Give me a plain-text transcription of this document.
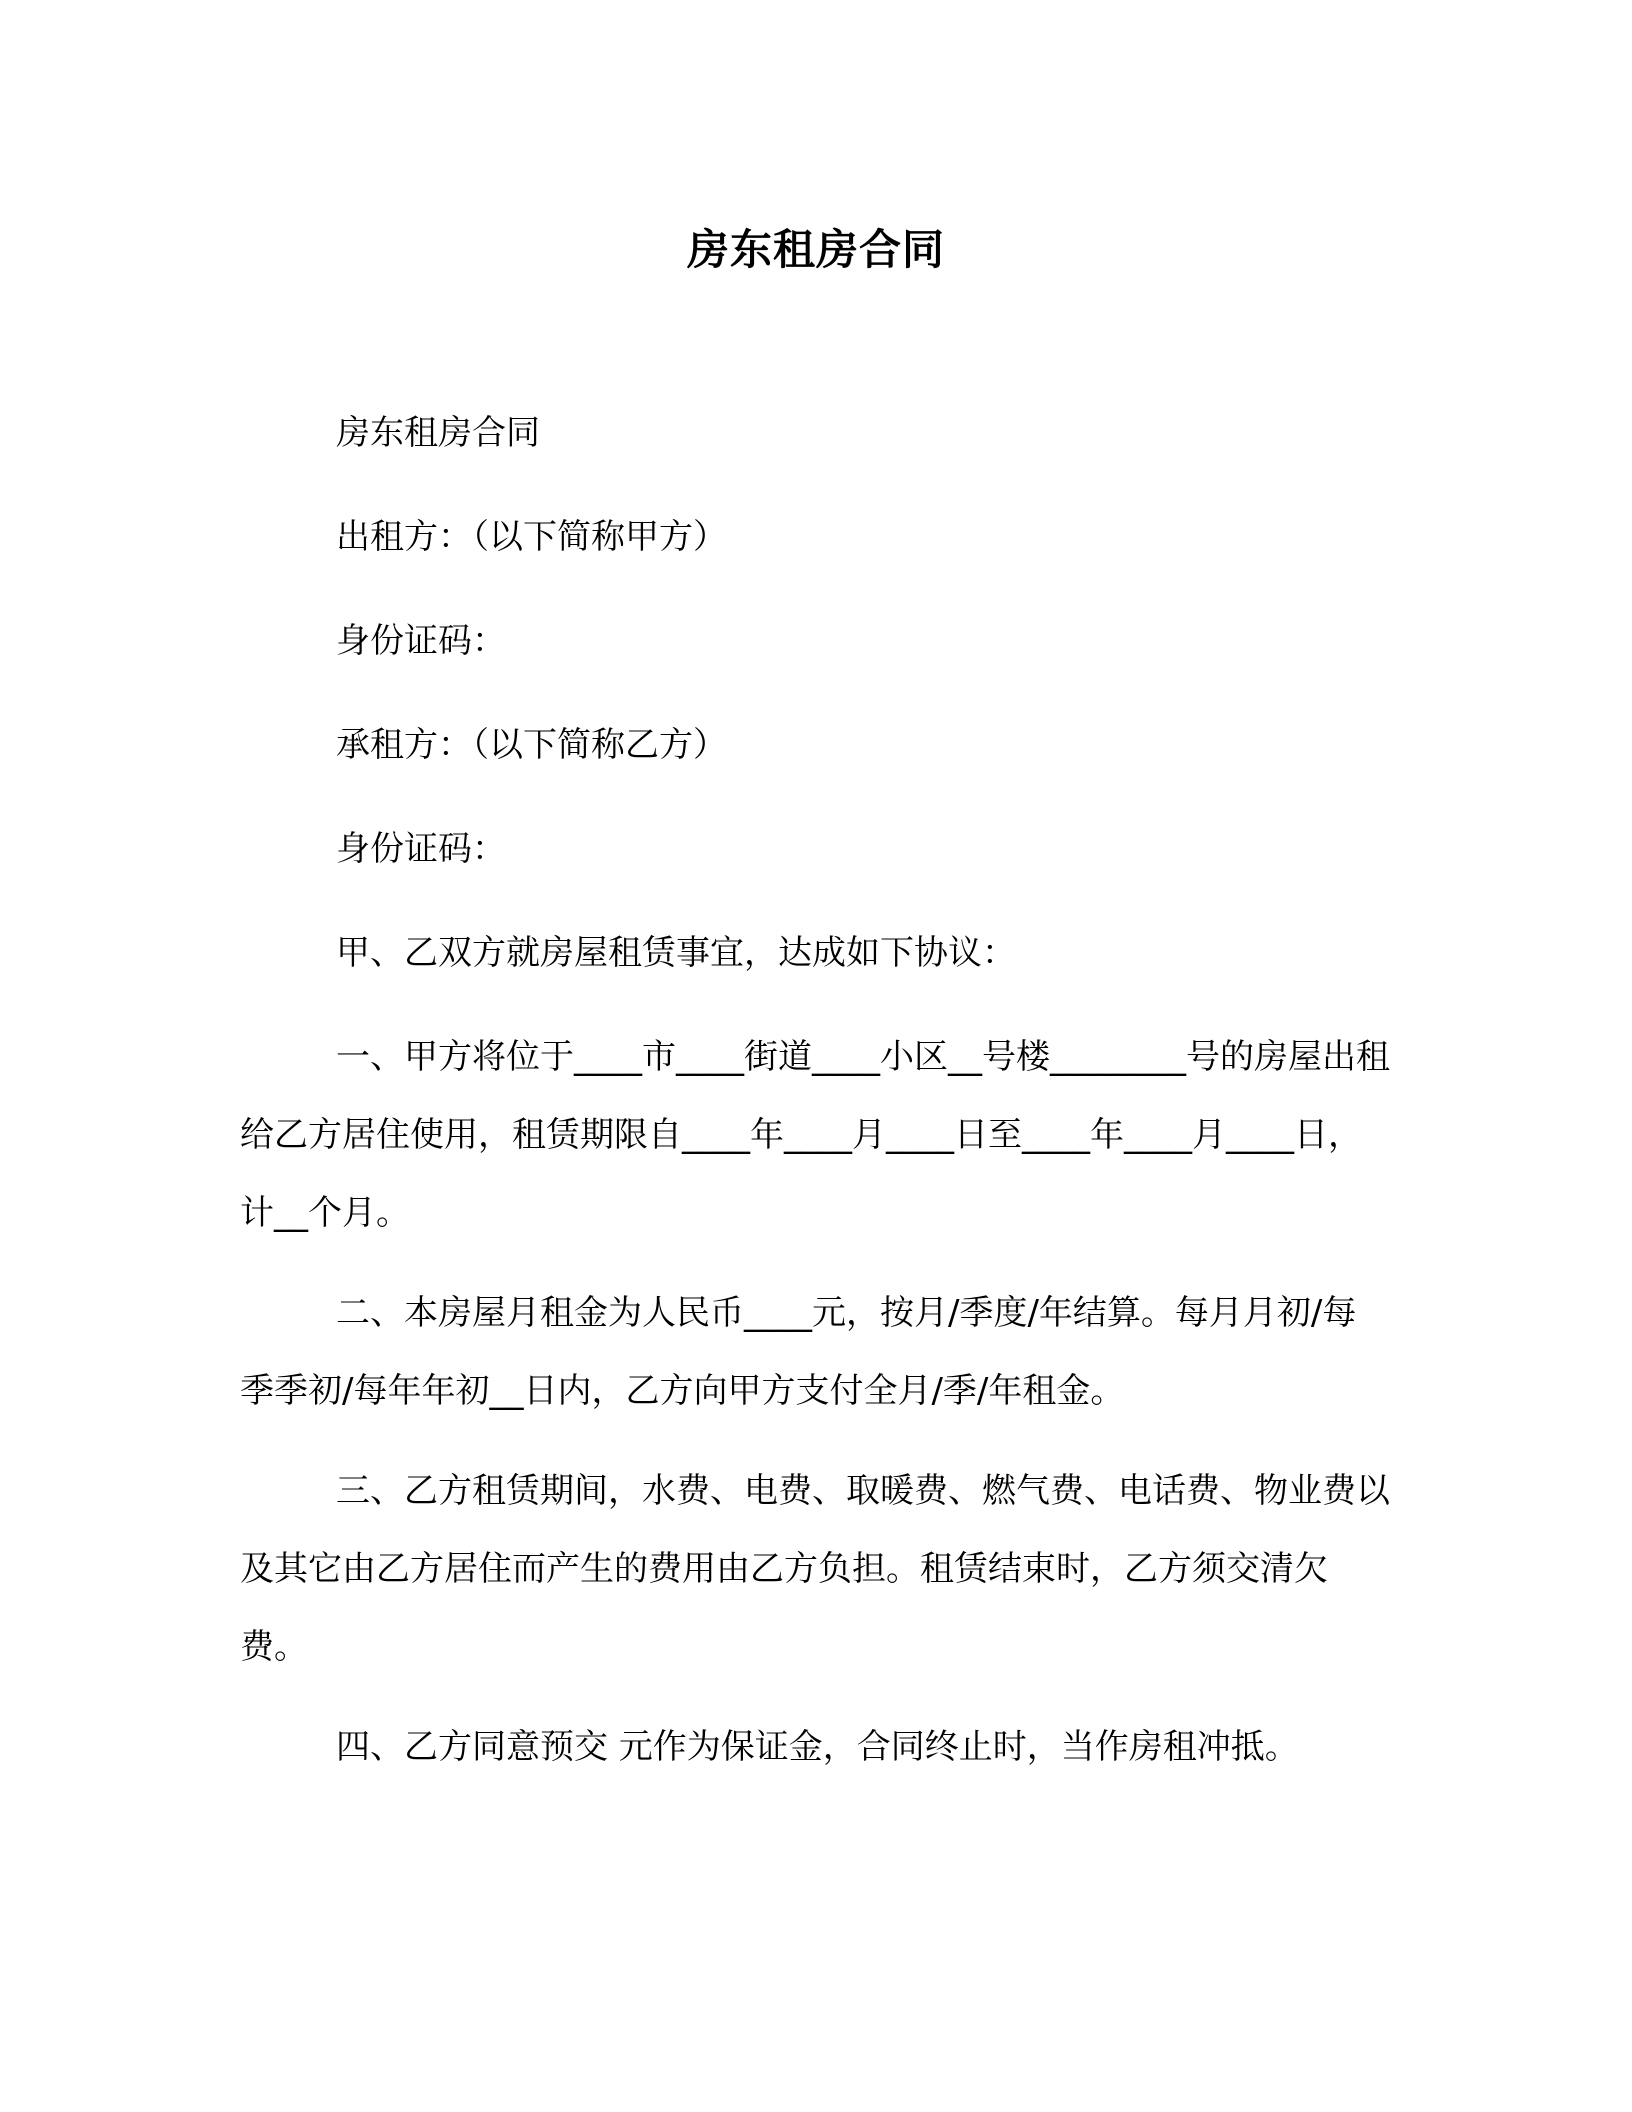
房东租房合同

房东租房合同

出租方：（以下简称甲方）

身份证码：

承租方：（以下简称乙方）

身份证码：

甲、乙双方就房屋租赁事宜，达成如下协议：

一、甲方将位于____市____街道____小区__号楼________号的房屋出租给乙方居住使用，租赁期限自____年____月____日至____年____月____日，计__个月。

二、本房屋月租金为人民币____元，按月/季度/年结算。每月月初/每季季初/每年年初__日内，乙方向甲方支付全月/季/年租金。

三、乙方租赁期间，水费、电费、取暖费、燃气费、电话费、物业费以及其它由乙方居住而产生的费用由乙方负担。租赁结束时，乙方须交清欠费。

四、乙方同意预交 元作为保证金，合同终止时，当作房租冲抵。
